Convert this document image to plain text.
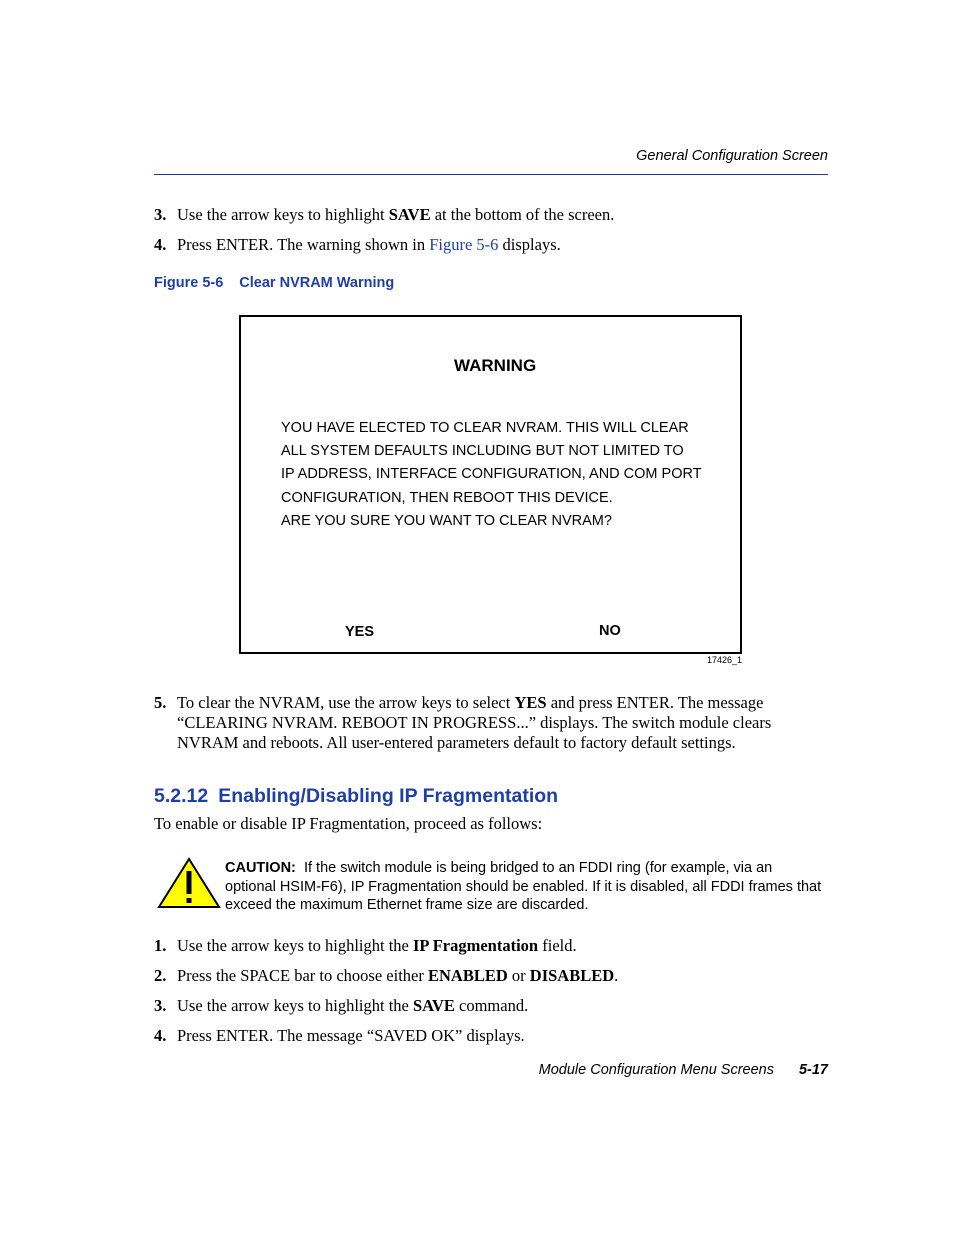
General Configuration Screen
3. Use the arrow keys to highlight SAVE at the bottom of the screen.
4. Press ENTER. The warning shown in Figure 5-6 displays.
Figure 5-6 Clear NVRAM Warning
WARNING
YOU HAVE ELECTED TO CLEAR NVRAM. THIS WILL CLEAR
ALL SYSTEM DEFAULTS INCLUDING BUT NOT LIMITED TO
IP ADDRESS, INTERFACE CONFIGURATION, AND COM PORT
CONFIGURATION, THEN REBOOT THIS DEVICE.
ARE YOU SURE YOU WANT TO CLEAR NVRAM?
YES	NO
17426_1
5. To clear the NVRAM, use the arrow keys to select YES and press ENTER. The message “CLEARING NVRAM. REBOOT IN PROGRESS...” displays. The switch module clears NVRAM and reboots. All user-entered parameters default to factory default settings.
5.2.12 Enabling/Disabling IP Fragmentation
To enable or disable IP Fragmentation, proceed as follows:
CAUTION: If the switch module is being bridged to an FDDI ring (for example, via an optional HSIM-F6), IP Fragmentation should be enabled. If it is disabled, all FDDI frames that exceed the maximum Ethernet frame size are discarded.
1. Use the arrow keys to highlight the IP Fragmentation field.
2. Press the SPACE bar to choose either ENABLED or DISABLED.
3. Use the arrow keys to highlight the SAVE command.
4. Press ENTER. The message “SAVED OK” displays.
Module Configuration Menu Screens 5-17
